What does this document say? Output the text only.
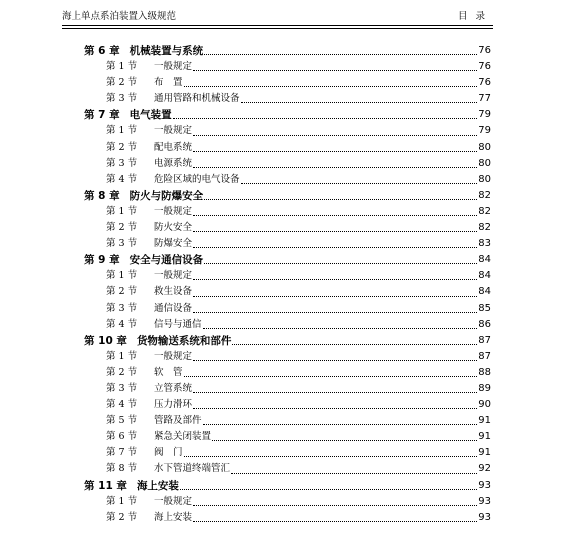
海上单点系泊装置入级规范	目录
第 6 章 机械装置与系统	76
第 1 节	一般规定	76
第 2 节	布　置	76
第 3 节	通用管路和机械设备	77
第 7 章 电气装置	79
第 1 节	一般规定	79
第 2 节	配电系统	80
第 3 节	电源系统	80
第 4 节	危险区域的电气设备	80
第 8 章 防火与防爆安全	82
第 1 节	一般规定	82
第 2 节	防火安全	82
第 3 节	防爆安全	83
第 9 章 安全与通信设备	84
第 1 节	一般规定	84
第 2 节	救生设备	84
第 3 节	通信设备	85
第 4 节	信号与通信	86
第 10 章 货物输送系统和部件	87
第 1 节	一般规定	87
第 2 节	软　管	88
第 3 节	立管系统	89
第 4 节	压力滑环	90
第 5 节	管路及部件	91
第 6 节	紧急关闭装置	91
第 7 节	阀　门	91
第 8 节	水下管道终端管汇	92
第 11 章 海上安装	93
第 1 节	一般规定	93
第 2 节	海上安装	93
